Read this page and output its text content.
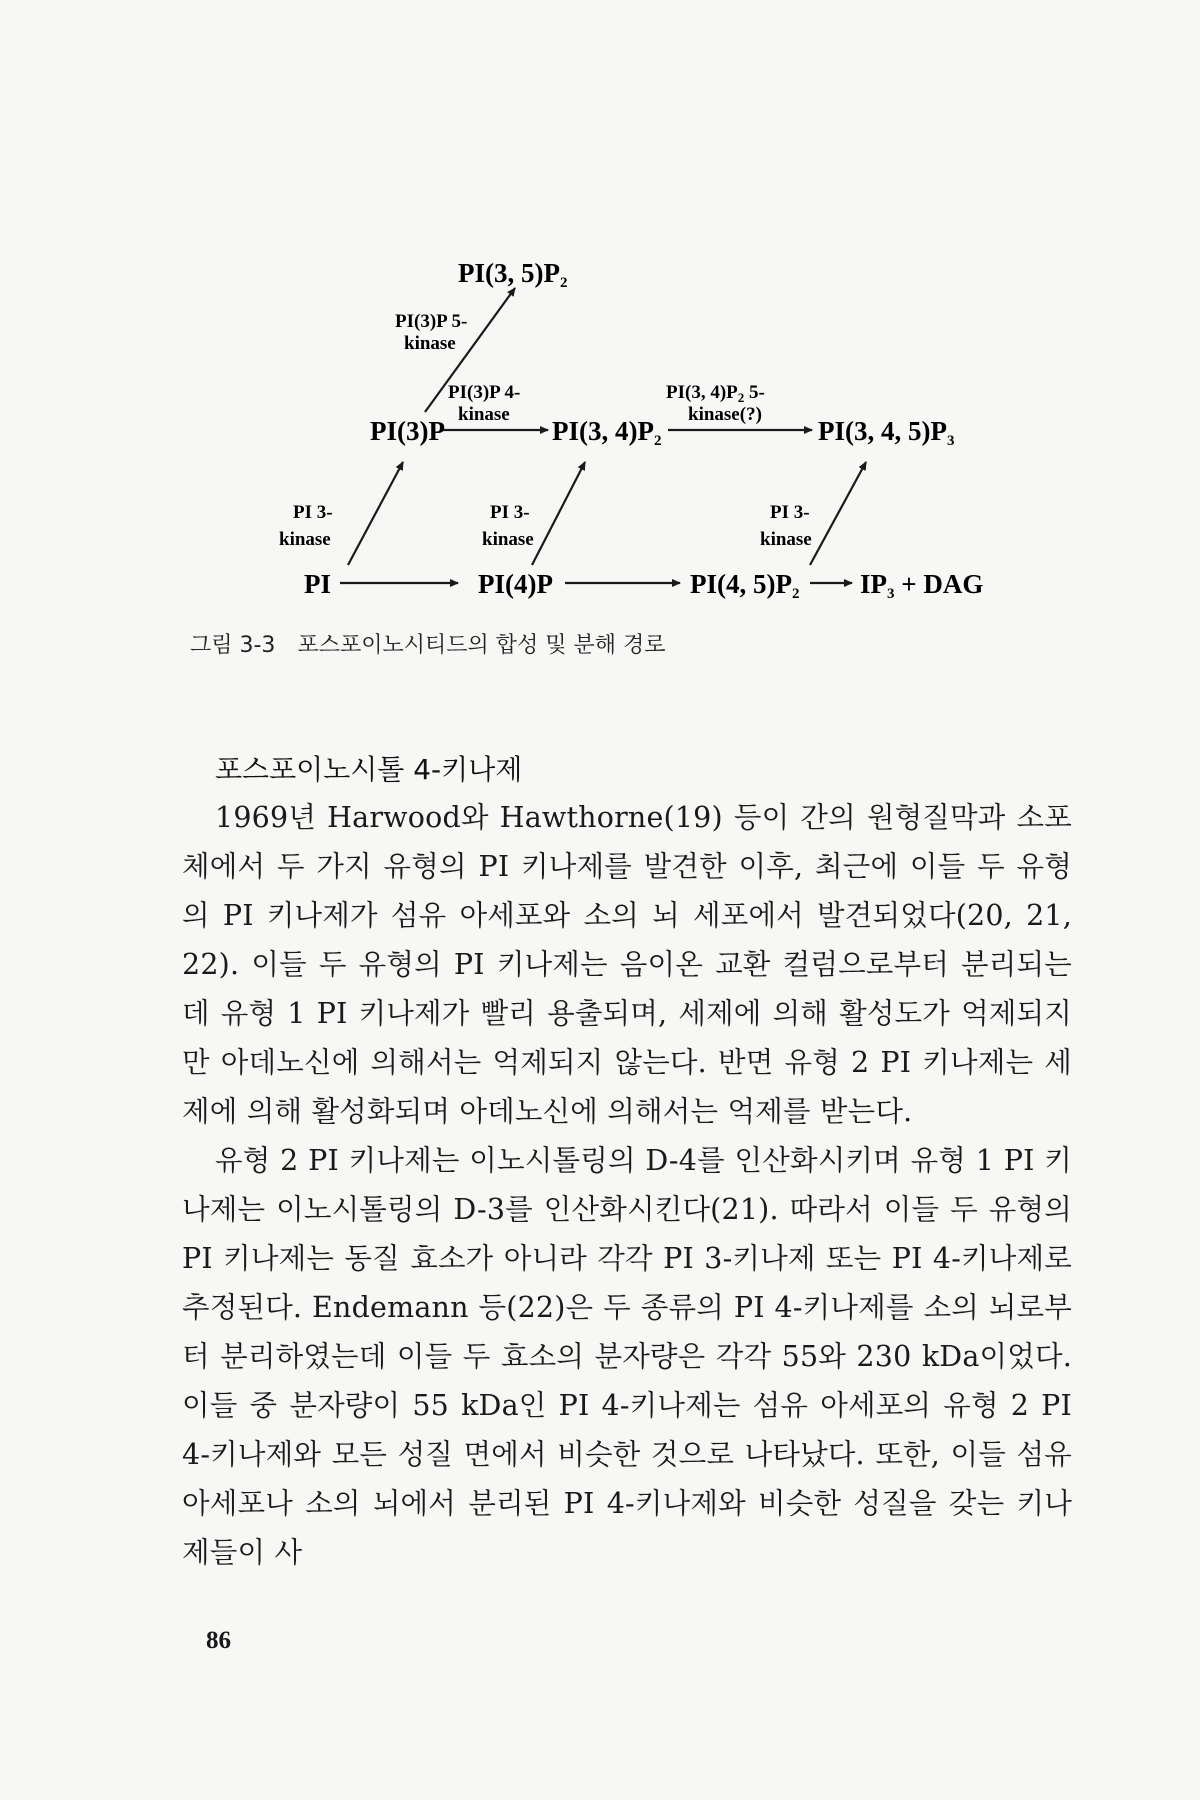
PI	PI(4)P	PI(4, 5)P2 IP3 + DAG
PI(3)P	PI(3, 4)P2	PI(3, 4, 5)P3
PI(3, 5)P2
PI 3-
kinase
PI 3-
kinase
PI 3-
kinase
PI(3)P 5-
kinase
PI(3)P 4-
kinase
PI(3, $4)P_2$ 5-
kinase(?)
그림 3-3 포스포이노시티드의 합성 및 분해 경로
포스포이노시톨 4-키나제

1969년 Harwood와 Hawthorne(19) 등이 간의 원형질막과 소포체에서 두 가지 유형의 PI 키나제를 발견한 이후, 최근에 이들 두 유형의 PI 키나제가 섬유 아세포와 소의 뇌 세포에서 발견되었다(20, 21, 22). 이들 두 유형의 PI 키나제는 음이온 교환 컬럼으로부터 분리되는데 유형 1 PI 키나제가 빨리 용출되며, 세제에 의해 활성도가 억제되지만 아데노신에 의해서는 억제되지 않는다. 반면 유형 2 PI 키나제는 세제에 의해 활성화되며 아데노신에 의해서는 억제를 받는다.

유형 2 PI 키나제는 이노시톨링의 D-4를 인산화시키며 유형 1 PI 키나제는 이노시톨링의 D-3를 인산화시킨다(21). 따라서 이들 두 유형의 PI 키나제는 동질 효소가 아니라 각각 PI 3-키나제 또는 PI 4-키나제로 추정된다. Endemann 등(22)은 두 종류의 PI 4-키나제를 소의 뇌로부터 분리하였는데 이들 두 효소의 분자량은 각각 55와 230 kDa이었다. 이들 중 분자량이 55 kDa인 PI 4-키나제는 섬유 아세포의 유형 2 PI 4-키나제와 모든 성질 면에서 비슷한 것으로 나타났다. 또한, 이들 섬유 아세포나 소의 뇌에서 분리된 PI 4-키나제와 비슷한 성질을 갖는 키나제들이 사

86
